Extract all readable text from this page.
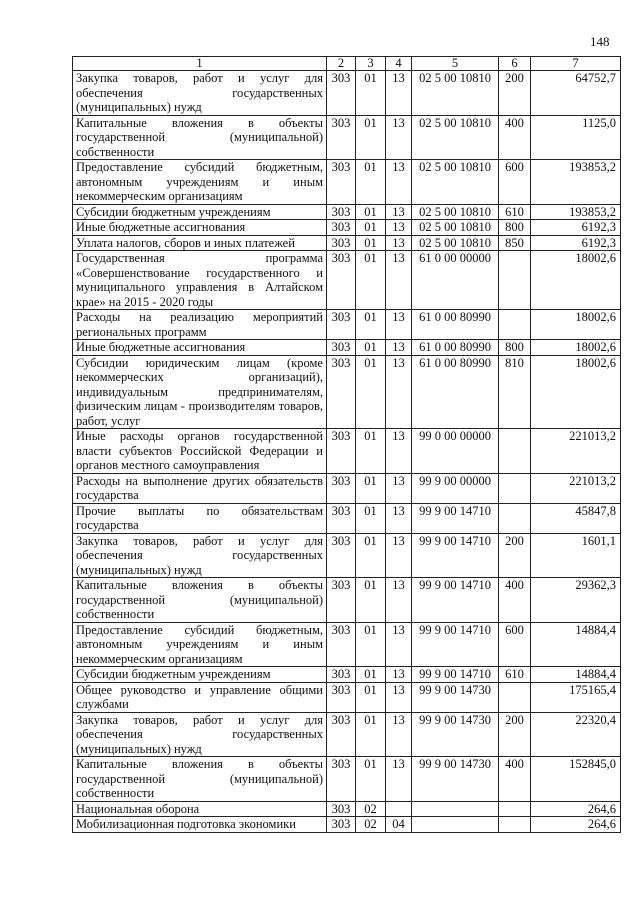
148
1	2	3	4	5	6	7
Закупка товаров, работ и услуг для обеспечения государственных (муниципальных) нужд	303	01	13	02 5 00 10810	200	64752,7
Капитальные вложения в объекты государственной (муниципальной) собственности	303	01	13	02 5 00 10810	400	1125,0
Предоставление субсидий бюджетным, автономным учреждениям и иным некоммерческим организациям	303	01	13	02 5 00 10810	600	193853,2
Субсидии бюджетным учреждениям	303	01	13	02 5 00 10810	610	193853,2
Иные бюджетные ассигнования	303	01	13	02 5 00 10810	800	6192,3
Уплата налогов, сборов и иных платежей	303	01	13	02 5 00 10810	850	6192,3
Государственная программа «Совершенствование государственного и муниципального управления в Алтайском крае» на 2015 - 2020 годы	303	01	13	61 0 00 00000		18002,6
Расходы на реализацию мероприятий региональных программ	303	01	13	61 0 00 80990		18002,6
Иные бюджетные ассигнования	303	01	13	61 0 00 80990	800	18002,6
Субсидии юридическим лицам (кроме некоммерческих организаций), индивидуальным предпринимателям, физическим лицам - производителям товаров, работ, услуг	303	01	13	61 0 00 80990	810	18002,6
Иные расходы органов государственной власти субъектов Российской Федерации и органов местного самоуправления	303	01	13	99 0 00 00000		221013,2
Расходы на выполнение других обязательств государства	303	01	13	99 9 00 00000		221013,2
Прочие выплаты по обязательствам государства	303	01	13	99 9 00 14710		45847,8
Закупка товаров, работ и услуг для обеспечения государственных (муниципальных) нужд	303	01	13	99 9 00 14710	200	1601,1
Капитальные вложения в объекты государственной (муниципальной) собственности	303	01	13	99 9 00 14710	400	29362,3
Предоставление субсидий бюджетным, автономным учреждениям и иным некоммерческим организациям	303	01	13	99 9 00 14710	600	14884,4
Субсидии бюджетным учреждениям	303	01	13	99 9 00 14710	610	14884,4
Общее руководство и управление общими службами	303	01	13	99 9 00 14730		175165,4
Закупка товаров, работ и услуг для обеспечения государственных (муниципальных) нужд	303	01	13	99 9 00 14730	200	22320,4
Капитальные вложения в объекты государственной (муниципальной) собственности	303	01	13	99 9 00 14730	400	152845,0
Национальная оборона	303	02				264,6
Мобилизационная подготовка экономики	303	02	04			264,6
